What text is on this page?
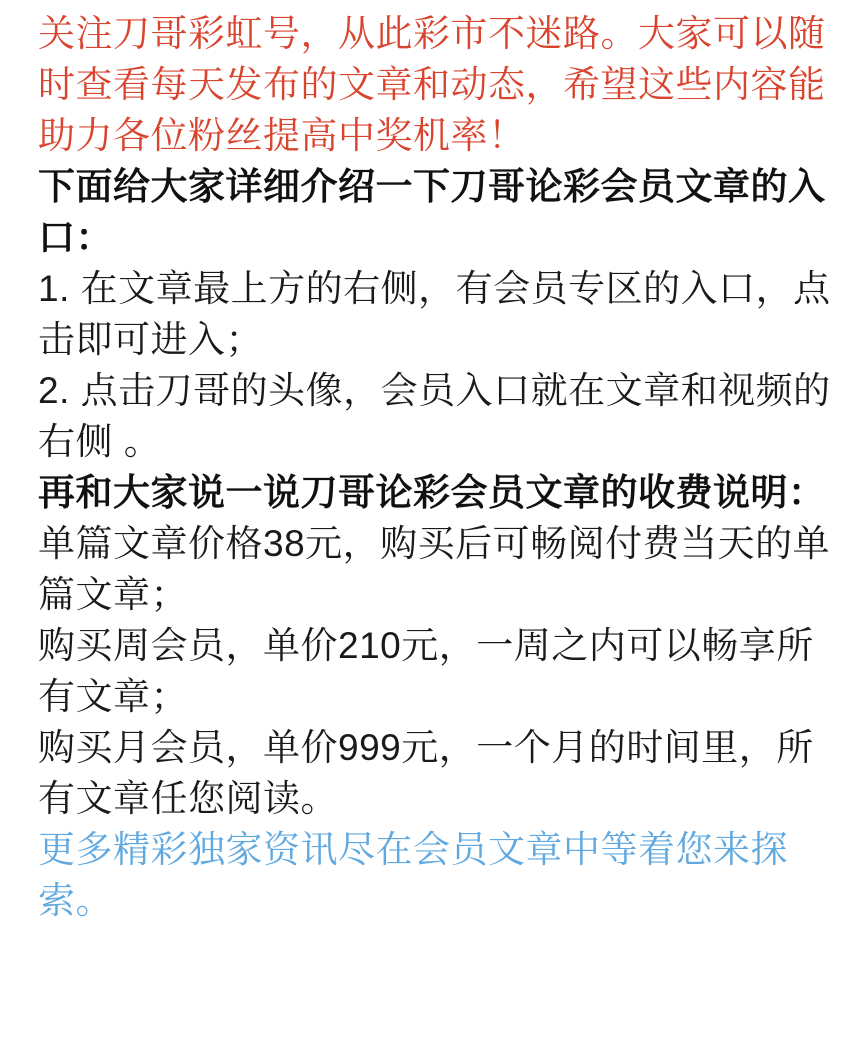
关注刀哥彩虹号，从此彩市不迷路。大家可以随时查看每天发布的文章和动态，希望这些内容能助力各位粉丝提高中奖机率！

下面给大家详细介绍一下刀哥论彩会员文章的入口：

1. 在文章最上方的右侧，有会员专区的入口，点击即可进入；

2. 点击刀哥的头像，会员入口就在文章和视频的右侧 。

再和大家说一说刀哥论彩会员文章的收费说明：

单篇文章价格38元，购买后可畅阅付费当天的单篇文章；

购买周会员，单价210元，一周之内可以畅享所有文章；

购买月会员，单价999元，一个月的时间里，所有文章任您阅读。

更多精彩独家资讯尽在会员文章中等着您来探索。
